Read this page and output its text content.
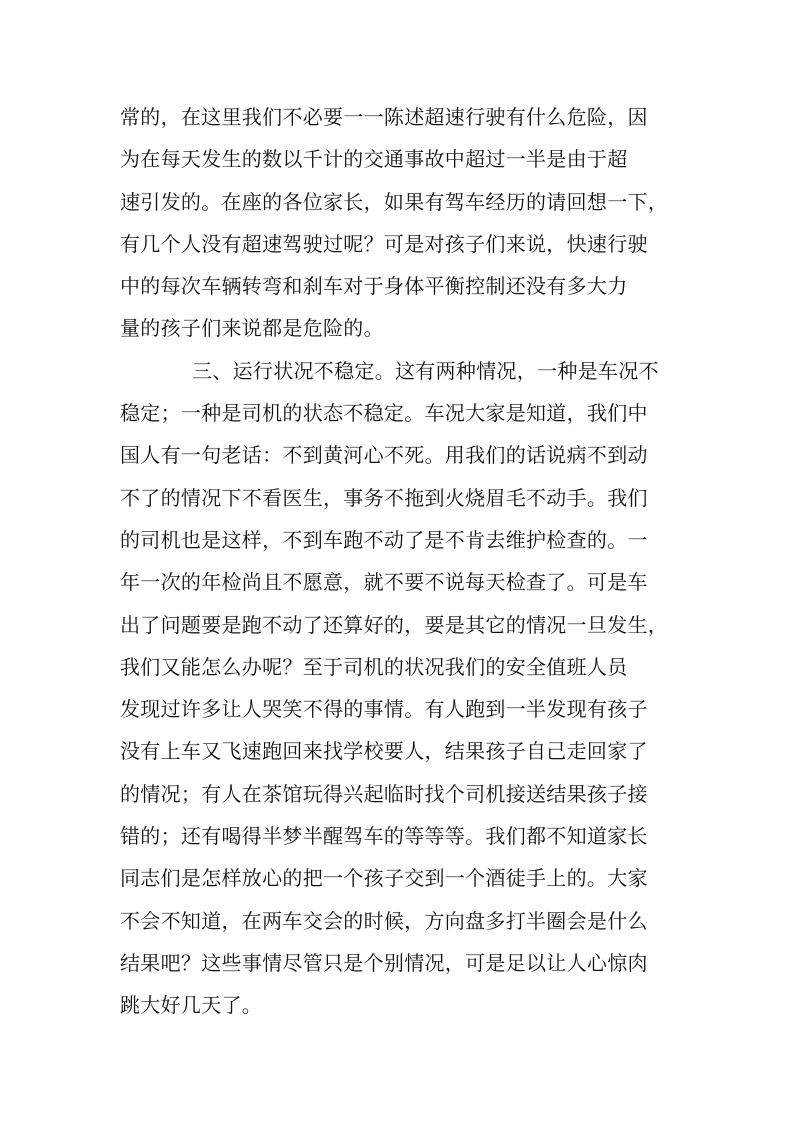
常的，在这里我们不必要一一陈述超速行驶有什么危险，因
为在每天发生的数以千计的交通事故中超过一半是由于超
速引发的。在座的各位家长，如果有驾车经历的请回想一下，
有几个人没有超速驾驶过呢？可是对孩子们来说，快速行驶
中的每次车辆转弯和刹车对于身体平衡控制还没有多大力
量的孩子们来说都是危险的。
三、运行状况不稳定。这有两种情况，一种是车况不
稳定；一种是司机的状态不稳定。车况大家是知道，我们中
国人有一句老话：不到黄河心不死。用我们的话说病不到动
不了的情况下不看医生，事务不拖到火烧眉毛不动手。我们
的司机也是这样，不到车跑不动了是不肯去维护检查的。一
年一次的年检尚且不愿意，就不要不说每天检查了。可是车
出了问题要是跑不动了还算好的，要是其它的情况一旦发生，
我们又能怎么办呢？至于司机的状况我们的安全值班人员
发现过许多让人哭笑不得的事情。有人跑到一半发现有孩子
没有上车又飞速跑回来找学校要人，结果孩子自己走回家了
的情况；有人在茶馆玩得兴起临时找个司机接送结果孩子接
错的；还有喝得半梦半醒驾车的等等等。我们都不知道家长
同志们是怎样放心的把一个孩子交到一个酒徒手上的。大家
不会不知道，在两车交会的时候，方向盘多打半圈会是什么
结果吧？这些事情尽管只是个别情况，可是足以让人心惊肉
跳大好几天了。
